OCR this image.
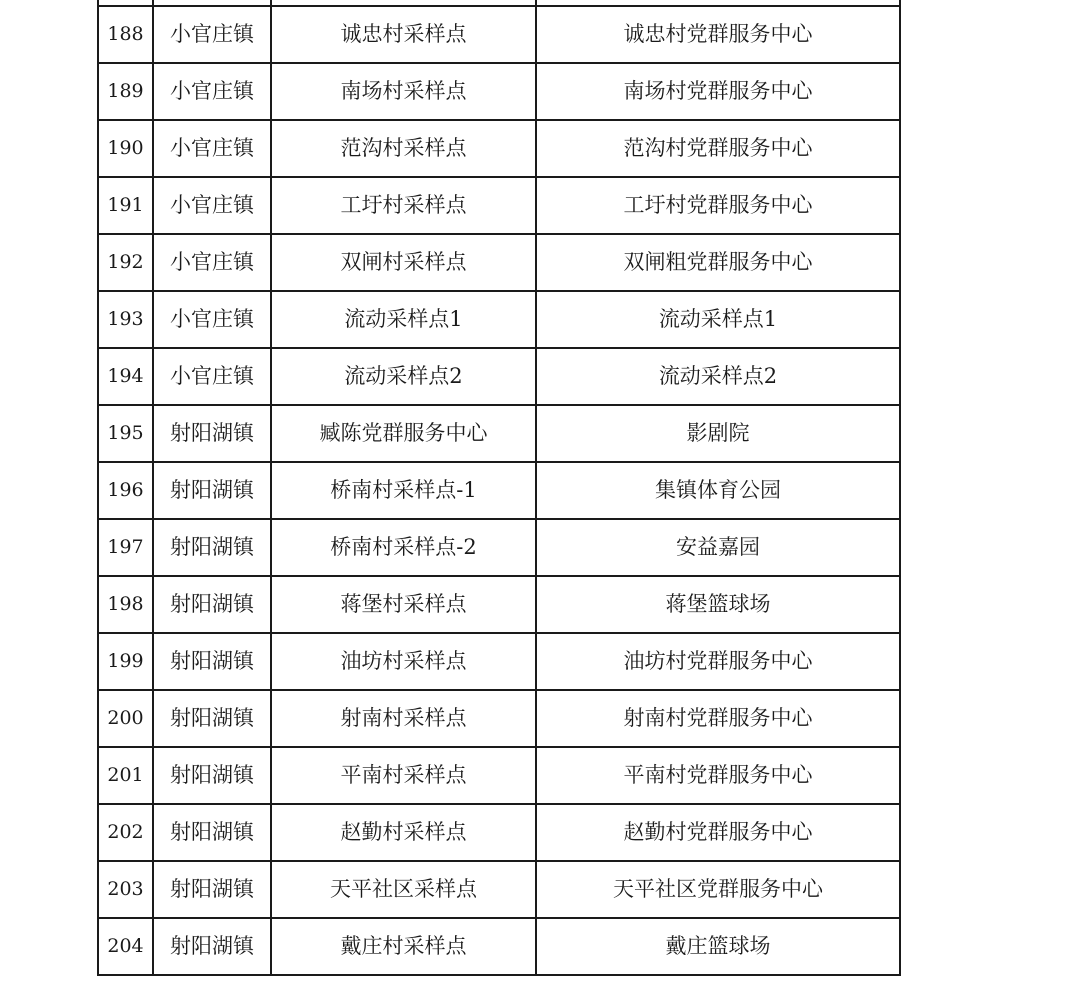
188	小官庄镇	诚忠村采样点	诚忠村党群服务中心
189	小官庄镇	南场村采样点	南场村党群服务中心
190	小官庄镇	范沟村采样点	范沟村党群服务中心
191	小官庄镇	工圩村采样点	工圩村党群服务中心
192	小官庄镇	双闸村采样点	双闸粗党群服务中心
193	小官庄镇	流动采样点1	流动采样点1
194	小官庄镇	流动采样点2	流动采样点2
195	射阳湖镇	臧陈党群服务中心	影剧院
196	射阳湖镇	桥南村采样点-1	集镇体育公园
197	射阳湖镇	桥南村采样点-2	安益嘉园
198	射阳湖镇	蒋堡村采样点	蒋堡篮球场
199	射阳湖镇	油坊村采样点	油坊村党群服务中心
200	射阳湖镇	射南村采样点	射南村党群服务中心
201	射阳湖镇	平南村采样点	平南村党群服务中心
202	射阳湖镇	赵勤村采样点	赵勤村党群服务中心
203	射阳湖镇	天平社区采样点	天平社区党群服务中心
204	射阳湖镇	戴庄村采样点	戴庄篮球场
